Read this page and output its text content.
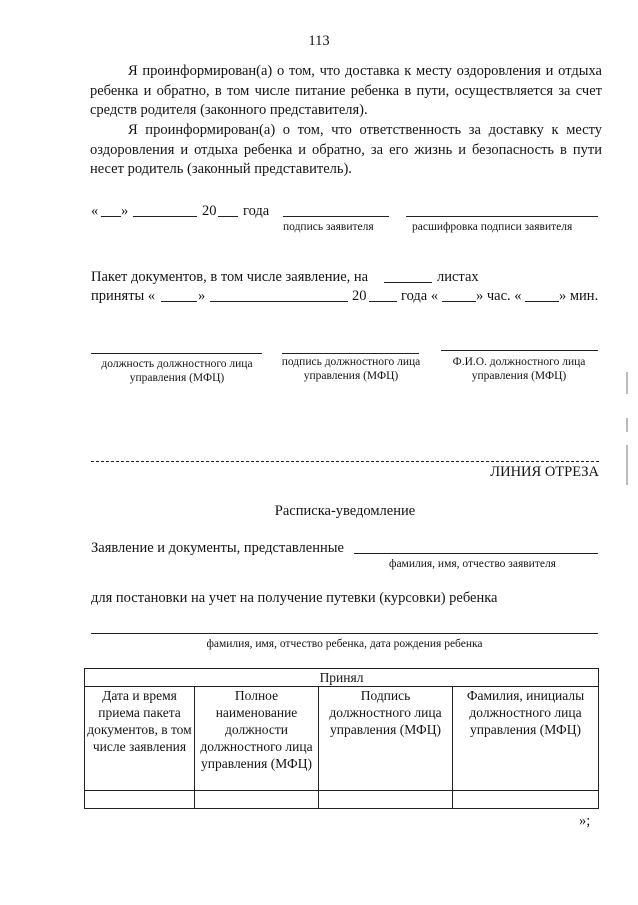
113
Я проинформирован(а) о том, что доставка к месту оздоровления и отдыха ребенка и обратно, в том числе питание ребенка в пути, осуществляется за счет средств родителя (законного представителя).
Я проинформирован(а) о том, что ответственность за доставку к месту оздоровления и отдыха ребенка и обратно, за его жизнь и безопасность в пути несет родитель (законный представитель).
« »	20 года
подпись заявителя	расшифровка подписи заявителя
Пакет документов, в том числе заявление, на	листах
приняты «	»	20 года «	» час. «	» мин.
должность должностного лица управления (МФЦ)
подпись должностного лица управления (МФЦ)
Ф.И.О. должностного лица управления (МФЦ)
ЛИНИЯ ОТРЕЗА
Расписка-уведомление
Заявление и документы, представленные
фамилия, имя, отчество заявителя
для постановки на учет на получение путевки (курсовки) ребенка
фамилия, имя, отчество ребенка, дата рождения ребенка
Принял			
Дата и время приема пакета документов, в том числе заявления	Полное наименование должности должностного лица управления (МФЦ)	Подпись должностного лица управления (МФЦ)	Фамилия, инициалы должностного лица управления (МФЦ)

»;
